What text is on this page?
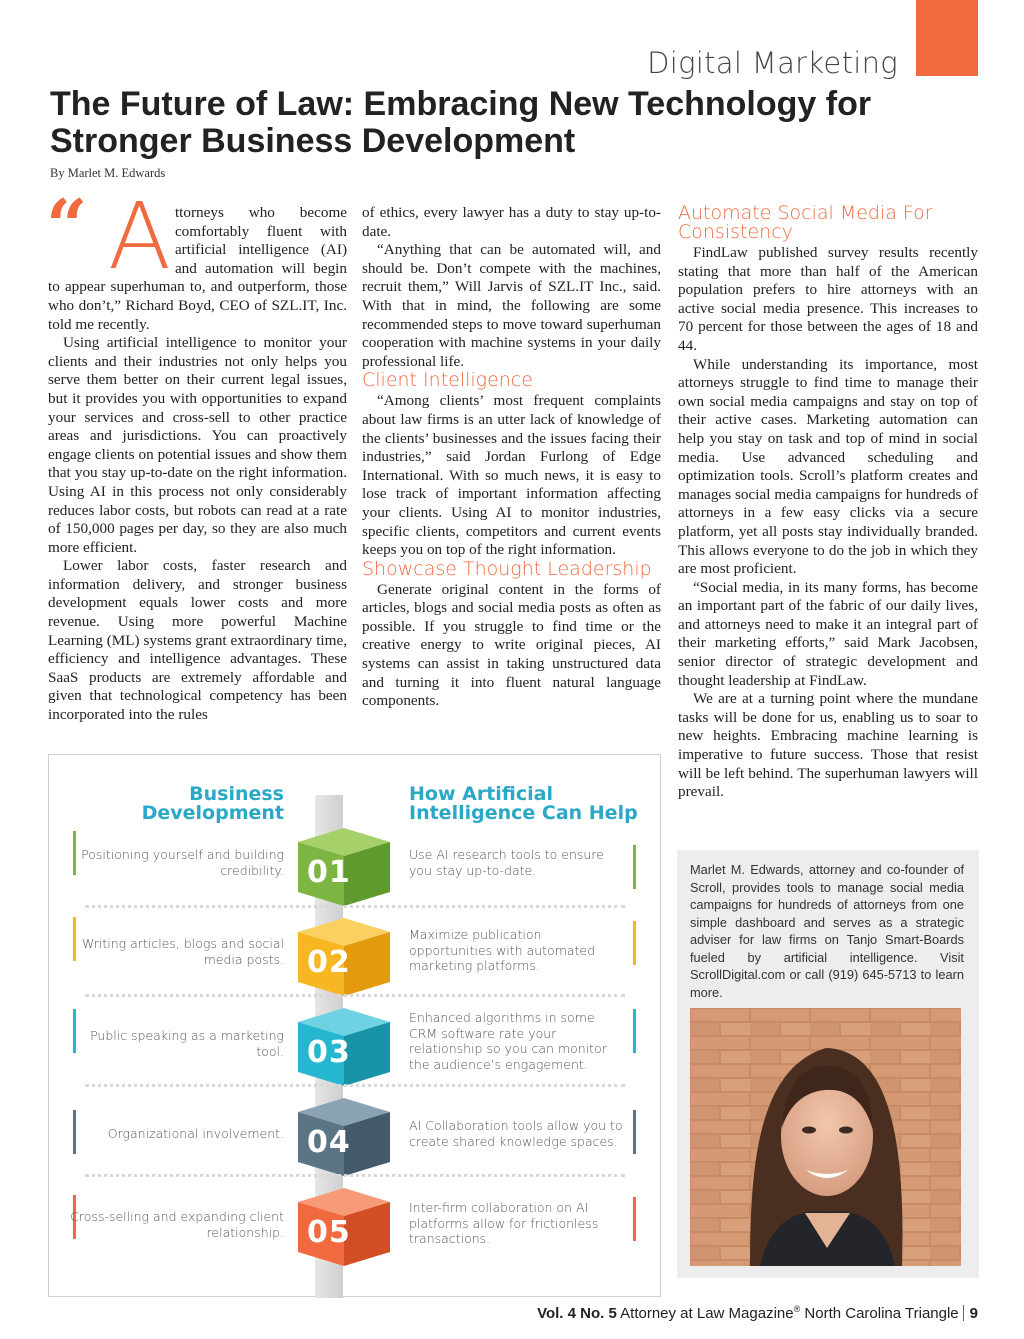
Digital Marketing
The Future of Law: Embracing New Technology for Stronger Business Development
By Marlet M. Edwards
“ A ttorneys who become comfortably fluent with artificial intelligence (AI) and automation will begin to appear superhuman to, and outperform, those who don’t,” Richard Boyd, CEO of SZL.IT, Inc. told me recently.

Using artificial intelligence to monitor your clients and their industries not only helps you serve them better on their current legal issues, but it provides you with opportunities to expand your services and cross-sell to other practice areas and jurisdictions. You can proactively engage clients on potential issues and show them that you stay up-to-date on the right information. Using AI in this process not only considerably reduces labor costs, but robots can read at a rate of 150,000 pages per day, so they are also much more efficient.

Lower labor costs, faster research and information delivery, and stronger business development equals lower costs and more revenue. Using more powerful Machine Learning (ML) systems grant extraordinary time, efficiency and intelligence advantages. These SaaS products are extremely affordable and given that technological competency has been incorporated into the rules

of ethics, every lawyer has a duty to stay up-to-date.

“Anything that can be automated will, and should be. Don’t compete with the machines, recruit them,” Will Jarvis of SZL.IT Inc., said. With that in mind, the following are some recommended steps to move toward superhuman cooperation with machine systems in your daily professional life.

Client Intelligence

“Among clients’ most frequent complaints about law firms is an utter lack of knowledge of the clients’ businesses and the issues facing their industries,” said Jordan Furlong of Edge International. With so much news, it is easy to lose track of important information affecting your clients. Using AI to monitor industries, specific clients, competitors and current events keeps you on top of the right information.

Showcase Thought Leadership

Generate original content in the forms of articles, blogs and social media posts as often as possible. If you struggle to find time or the creative energy to write original pieces, AI systems can assist in taking unstructured data and turning it into fluent natural language components.

Automate Social Media For Consistency

FindLaw published survey results recently stating that more than half of the American population prefers to hire attorneys with an active social media presence. This increases to 70 percent for those between the ages of 18 and 44.

While understanding its importance, most attorneys struggle to find time to manage their own social media campaigns and stay on top of their active cases. Marketing automation can help you stay on task and top of mind in social media. Use advanced scheduling and optimization tools. Scroll’s platform creates and manages social media campaigns for hundreds of attorneys in a few easy clicks via a secure platform, yet all posts stay individually branded. This allows everyone to do the job in which they are most proficient.

“Social media, in its many forms, has become an important part of the fabric of our daily lives, and attorneys need to make it an integral part of their marketing efforts,” said Mark Jacobsen, senior director of strategic development and thought leadership at FindLaw.

We are at a turning point where the mundane tasks will be done for us, enabling us to soar to new heights. Embracing machine learning is imperative to future success. Those that resist will be left behind. The superhuman lawyers will prevail.

Marlet M. Edwards, attorney and co-founder of Scroll, provides tools to manage social media campaigns for hundreds of attorneys from one simple dashboard and serves as a strategic adviser for law firms on Tanjo Smart-Boards fueled by artificial intelligence. Visit ScrollDigital.com or call (919) 645-5713 to learn more.
Business
Development
How Artificial
Intelligence Can Help
Positioning yourself and building credibility. 01
Use AI research tools to ensure you stay up-to-date.
Writing articles, blogs and social media posts. 02
Maximize publication opportunities with automated marketing platforms.
Public speaking as a marketing tool. 03
Enhanced algorithms in some CRM software rate your relationship so you can monitor the audience’s engagement.
Organizational involvement. 04	AI Collaboration tools allow you to create shared knowledge spaces.
Cross-selling and expanding client relationship. 05
Inter-firm collaboration on AI platforms allow for frictionless transactions.
Vol. 4 No. 5 Attorney at Law Magazine® North Carolina Triangle 9
